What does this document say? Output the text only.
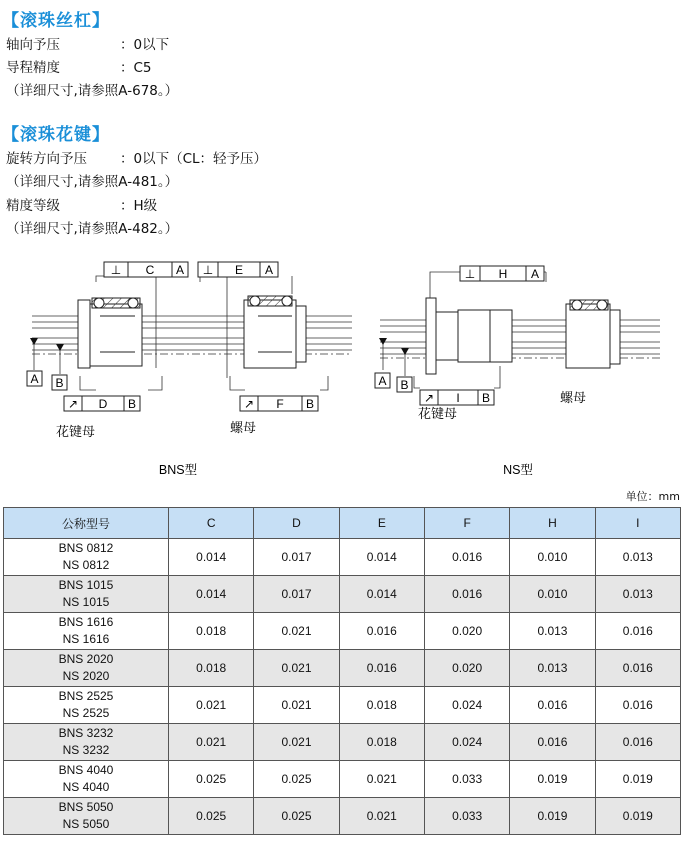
【滚珠丝杠】
轴向予压	：0以下
导程精度	：C5
（详细尺寸,请参照A-678。）
【滚珠花键】
旋转方向予压 ：0以下（CL：轻予压）
（详细尺寸,请参照A-481。）
精度等级	：H级
（详细尺寸,请参照A-482。）
⊥ C A ⊥ E A
↗ D B	↗ F B
A B
花键母	螺母
⊥ H A
↗ I B
A B
花键母
螺母
BNS型	NS型
单位：mm
公称型号	C	D	E	F	H	I

BNS 0812
NS 0812	0.014	0.017	0.014	0.016	0.010	0.013

BNS 1015
NS 1015	0.014	0.017	0.014	0.016	0.010	0.013

BNS 1616
NS 1616	0.018	0.021	0.016	0.020	0.013	0.016

BNS 2020
NS 2020	0.018	0.021	0.016	0.020	0.013	0.016

BNS 2525
NS 2525	0.021	0.021	0.018	0.024	0.016	0.016

BNS 3232
NS 3232	0.021	0.021	0.018	0.024	0.016	0.016

BNS 4040
NS 4040	0.025	0.025	0.021	0.033	0.019	0.019

BNS 5050
NS 5050	0.025	0.025	0.021	0.033	0.019	0.019
